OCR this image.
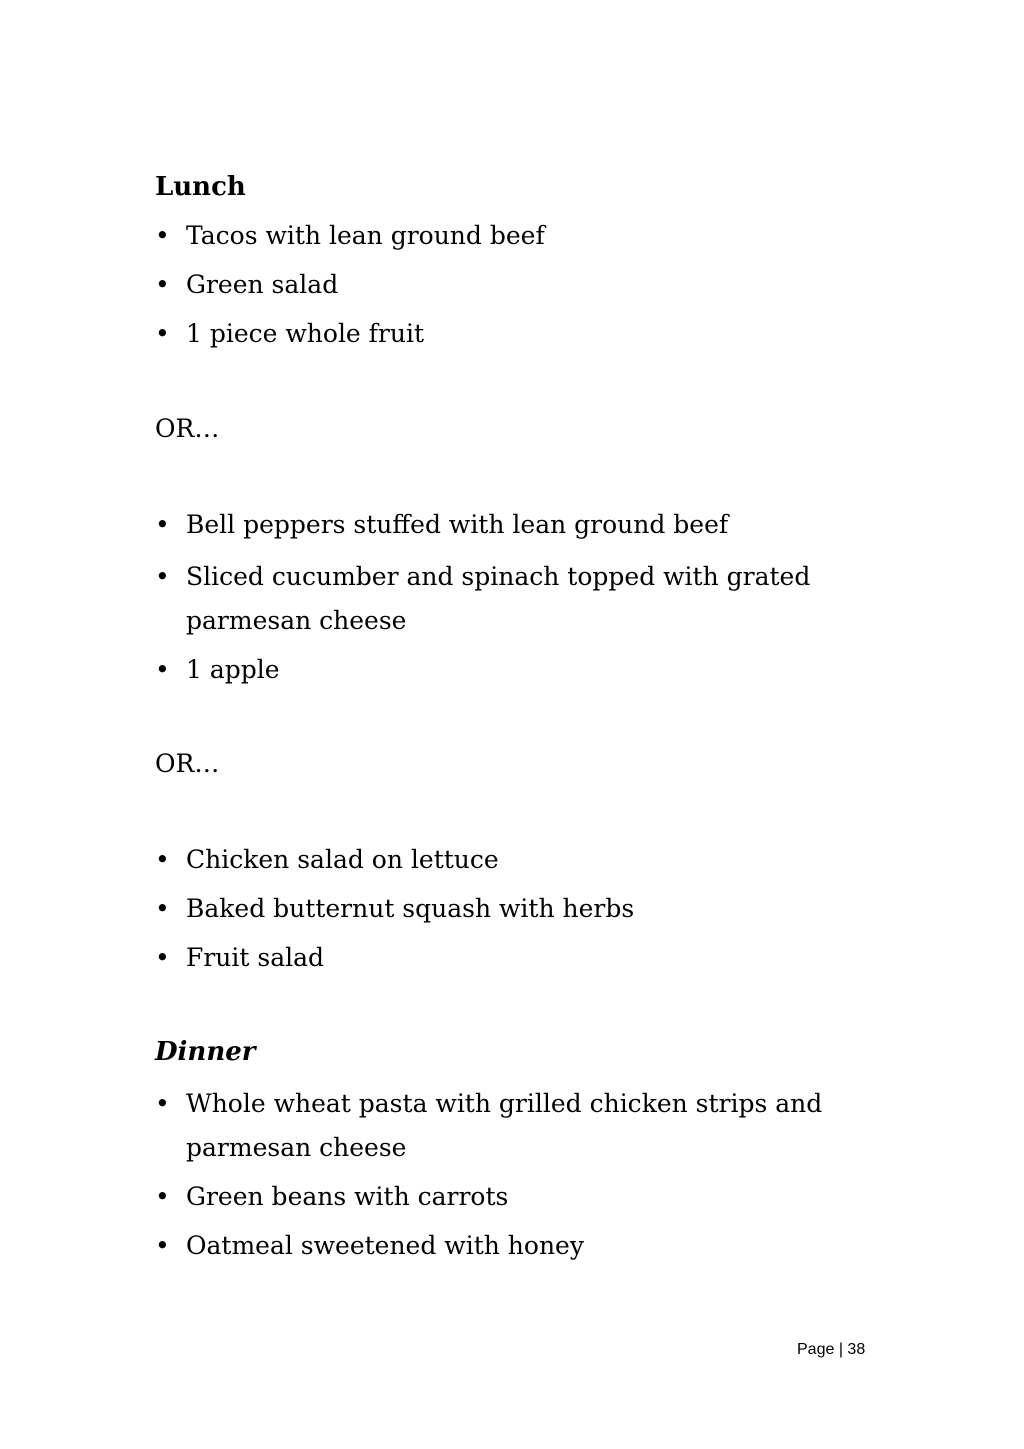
Lunch
• Tacos with lean ground beef
• Green salad
• 1 piece whole fruit

OR…

• Bell peppers stuffed with lean ground beef
• Sliced cucumber and spinach topped with grated parmesan cheese
• 1 apple

OR…

• Chicken salad on lettuce
• Baked butternut squash with herbs
• Fruit salad
Dinner
• Whole wheat pasta with grilled chicken strips and parmesan cheese
• Green beans with carrots
• Oatmeal sweetened with honey
Page | 38
